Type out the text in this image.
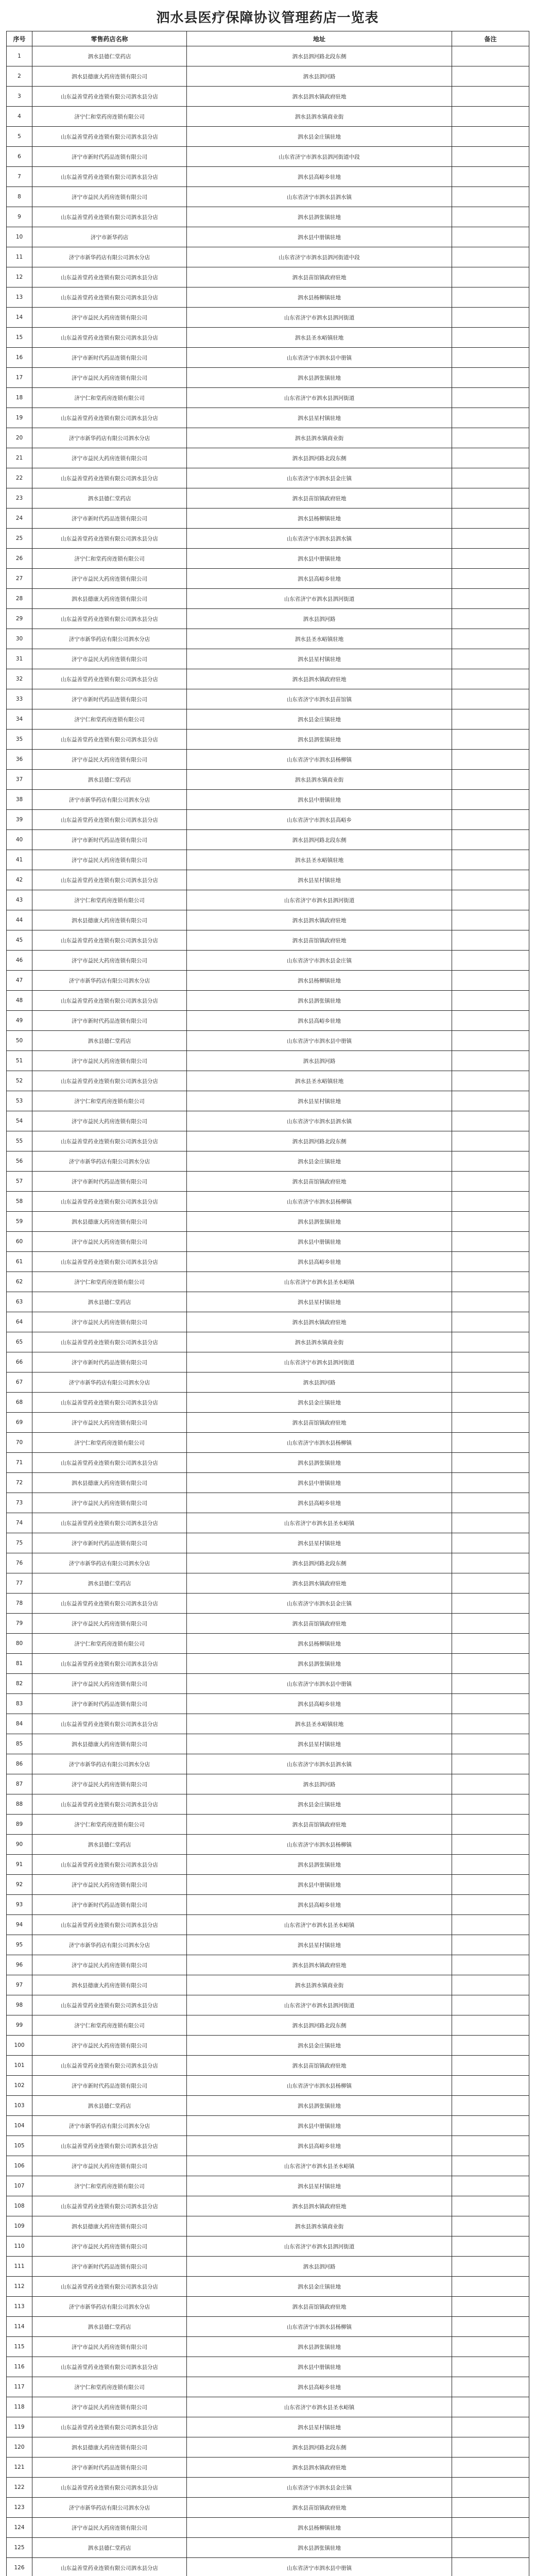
泗水县医疗保障协议管理药店一览表
序号	零售药店名称	地址	备注
1	泗水县德仁堂药店	泗水县泗河路北段东侧	
2	泗水县德康大药房连锁有限公司	泗水县泗河路	
3	山东益善堂药业连锁有限公司泗水县分店	泗水县泗水镇政府驻地	
4	济宁仁和堂药房连锁有限公司	泗水县泗水镇商业街	
5	山东益善堂药业连锁有限公司泗水县分店	泗水县金庄镇驻地	
6	济宁市新时代药品连锁有限公司	山东省济宁市泗水县泗河街道中段	
7	山东益善堂药业连锁有限公司泗水县分店	泗水县高峪乡驻地	
8	济宁市益民大药房连锁有限公司	山东省济宁市泗水县泗水镇	
9	山东益善堂药业连锁有限公司泗水县分店	泗水县泗张镇驻地	
10	济宁市新华药店	泗水县中册镇驻地	
11	济宁市新华药店有限公司泗水分店	山东省济宁市泗水县泗河街道中段	
12	山东益善堂药业连锁有限公司泗水县分店	泗水县苗馆镇政府驻地	
13	山东益善堂药业连锁有限公司泗水县分店	泗水县杨柳镇驻地	
14	济宁市益民大药房连锁有限公司	山东省济宁市泗水县泗河街道	
15	山东益善堂药业连锁有限公司泗水县分店	泗水县圣水峪镇驻地	
16	济宁市新时代药品连锁有限公司	山东省济宁市泗水县中册镇	
17	济宁市益民大药房连锁有限公司	泗水县泗张镇驻地	
18	济宁仁和堂药房连锁有限公司	山东省济宁市泗水县泗河街道	
19	山东益善堂药业连锁有限公司泗水县分店	泗水县星村镇驻地	
20	济宁市新华药店有限公司泗水分店	泗水县泗水镇商业街	
21	济宁市益民大药房连锁有限公司	泗水县泗河路北段东侧	
22	山东益善堂药业连锁有限公司泗水县分店	山东省济宁市泗水县金庄镇	
23	泗水县德仁堂药店	泗水县苗馆镇政府驻地	
24	济宁市新时代药品连锁有限公司	泗水县杨柳镇驻地	
25	山东益善堂药业连锁有限公司泗水县分店	山东省济宁市泗水县泗水镇	
26	济宁仁和堂药房连锁有限公司	泗水县中册镇驻地	
27	济宁市益民大药房连锁有限公司	泗水县高峪乡驻地	
28	泗水县德康大药房连锁有限公司	山东省济宁市泗水县泗河街道	
29	山东益善堂药业连锁有限公司泗水县分店	泗水县泗河路	
30	济宁市新华药店有限公司泗水分店	泗水县圣水峪镇驻地	
31	济宁市益民大药房连锁有限公司	泗水县星村镇驻地	
32	山东益善堂药业连锁有限公司泗水县分店	泗水县泗水镇政府驻地	
33	济宁市新时代药品连锁有限公司	山东省济宁市泗水县苗馆镇	
34	济宁仁和堂药房连锁有限公司	泗水县金庄镇驻地	
35	山东益善堂药业连锁有限公司泗水县分店	泗水县泗张镇驻地	
36	济宁市益民大药房连锁有限公司	山东省济宁市泗水县杨柳镇	
37	泗水县德仁堂药店	泗水县泗水镇商业街	
38	济宁市新华药店有限公司泗水分店	泗水县中册镇驻地	
39	山东益善堂药业连锁有限公司泗水县分店	山东省济宁市泗水县高峪乡	
40	济宁市新时代药品连锁有限公司	泗水县泗河路北段东侧	
41	济宁市益民大药房连锁有限公司	泗水县圣水峪镇驻地	
42	山东益善堂药业连锁有限公司泗水县分店	泗水县星村镇驻地	
43	济宁仁和堂药房连锁有限公司	山东省济宁市泗水县泗河街道	
44	泗水县德康大药房连锁有限公司	泗水县泗水镇政府驻地	
45	山东益善堂药业连锁有限公司泗水县分店	泗水县苗馆镇政府驻地	
46	济宁市益民大药房连锁有限公司	山东省济宁市泗水县金庄镇	
47	济宁市新华药店有限公司泗水分店	泗水县杨柳镇驻地	
48	山东益善堂药业连锁有限公司泗水县分店	泗水县泗张镇驻地	
49	济宁市新时代药品连锁有限公司	泗水县高峪乡驻地	
50	泗水县德仁堂药店	山东省济宁市泗水县中册镇	
51	济宁市益民大药房连锁有限公司	泗水县泗河路	
52	山东益善堂药业连锁有限公司泗水县分店	泗水县圣水峪镇驻地	
53	济宁仁和堂药房连锁有限公司	泗水县星村镇驻地	
54	济宁市益民大药房连锁有限公司	山东省济宁市泗水县泗水镇	
55	山东益善堂药业连锁有限公司泗水县分店	泗水县泗河路北段东侧	
56	济宁市新华药店有限公司泗水分店	泗水县金庄镇驻地	
57	济宁市新时代药品连锁有限公司	泗水县苗馆镇政府驻地	
58	山东益善堂药业连锁有限公司泗水县分店	山东省济宁市泗水县杨柳镇	
59	泗水县德康大药房连锁有限公司	泗水县泗张镇驻地	
60	济宁市益民大药房连锁有限公司	泗水县中册镇驻地	
61	山东益善堂药业连锁有限公司泗水县分店	泗水县高峪乡驻地	
62	济宁仁和堂药房连锁有限公司	山东省济宁市泗水县圣水峪镇	
63	泗水县德仁堂药店	泗水县星村镇驻地	
64	济宁市益民大药房连锁有限公司	泗水县泗水镇政府驻地	
65	山东益善堂药业连锁有限公司泗水县分店	泗水县泗水镇商业街	
66	济宁市新时代药品连锁有限公司	山东省济宁市泗水县泗河街道	
67	济宁市新华药店有限公司泗水分店	泗水县泗河路	
68	山东益善堂药业连锁有限公司泗水县分店	泗水县金庄镇驻地	
69	济宁市益民大药房连锁有限公司	泗水县苗馆镇政府驻地	
70	济宁仁和堂药房连锁有限公司	山东省济宁市泗水县杨柳镇	
71	山东益善堂药业连锁有限公司泗水县分店	泗水县泗张镇驻地	
72	泗水县德康大药房连锁有限公司	泗水县中册镇驻地	
73	济宁市益民大药房连锁有限公司	泗水县高峪乡驻地	
74	山东益善堂药业连锁有限公司泗水县分店	山东省济宁市泗水县圣水峪镇	
75	济宁市新时代药品连锁有限公司	泗水县星村镇驻地	
76	济宁市新华药店有限公司泗水分店	泗水县泗河路北段东侧	
77	泗水县德仁堂药店	泗水县泗水镇政府驻地	
78	山东益善堂药业连锁有限公司泗水县分店	山东省济宁市泗水县金庄镇	
79	济宁市益民大药房连锁有限公司	泗水县苗馆镇政府驻地	
80	济宁仁和堂药房连锁有限公司	泗水县杨柳镇驻地	
81	山东益善堂药业连锁有限公司泗水县分店	泗水县泗张镇驻地	
82	济宁市益民大药房连锁有限公司	山东省济宁市泗水县中册镇	
83	济宁市新时代药品连锁有限公司	泗水县高峪乡驻地	
84	山东益善堂药业连锁有限公司泗水县分店	泗水县圣水峪镇驻地	
85	泗水县德康大药房连锁有限公司	泗水县星村镇驻地	
86	济宁市新华药店有限公司泗水分店	山东省济宁市泗水县泗水镇	
87	济宁市益民大药房连锁有限公司	泗水县泗河路	
88	山东益善堂药业连锁有限公司泗水县分店	泗水县金庄镇驻地	
89	济宁仁和堂药房连锁有限公司	泗水县苗馆镇政府驻地	
90	泗水县德仁堂药店	山东省济宁市泗水县杨柳镇	
91	山东益善堂药业连锁有限公司泗水县分店	泗水县泗张镇驻地	
92	济宁市益民大药房连锁有限公司	泗水县中册镇驻地	
93	济宁市新时代药品连锁有限公司	泗水县高峪乡驻地	
94	山东益善堂药业连锁有限公司泗水县分店	山东省济宁市泗水县圣水峪镇	
95	济宁市新华药店有限公司泗水分店	泗水县星村镇驻地	
96	济宁市益民大药房连锁有限公司	泗水县泗水镇政府驻地	
97	泗水县德康大药房连锁有限公司	泗水县泗水镇商业街	
98	山东益善堂药业连锁有限公司泗水县分店	山东省济宁市泗水县泗河街道	
99	济宁仁和堂药房连锁有限公司	泗水县泗河路北段东侧	
100	济宁市益民大药房连锁有限公司	泗水县金庄镇驻地	
101	山东益善堂药业连锁有限公司泗水县分店	泗水县苗馆镇政府驻地	
102	济宁市新时代药品连锁有限公司	山东省济宁市泗水县杨柳镇	
103	泗水县德仁堂药店	泗水县泗张镇驻地	
104	济宁市新华药店有限公司泗水分店	泗水县中册镇驻地	
105	山东益善堂药业连锁有限公司泗水县分店	泗水县高峪乡驻地	
106	济宁市益民大药房连锁有限公司	山东省济宁市泗水县圣水峪镇	
107	济宁仁和堂药房连锁有限公司	泗水县星村镇驻地	
108	山东益善堂药业连锁有限公司泗水县分店	泗水县泗水镇政府驻地	
109	泗水县德康大药房连锁有限公司	泗水县泗水镇商业街	
110	济宁市益民大药房连锁有限公司	山东省济宁市泗水县泗河街道	
111	济宁市新时代药品连锁有限公司	泗水县泗河路	
112	山东益善堂药业连锁有限公司泗水县分店	泗水县金庄镇驻地	
113	济宁市新华药店有限公司泗水分店	泗水县苗馆镇政府驻地	
114	泗水县德仁堂药店	山东省济宁市泗水县杨柳镇	
115	济宁市益民大药房连锁有限公司	泗水县泗张镇驻地	
116	山东益善堂药业连锁有限公司泗水县分店	泗水县中册镇驻地	
117	济宁仁和堂药房连锁有限公司	泗水县高峪乡驻地	
118	济宁市益民大药房连锁有限公司	山东省济宁市泗水县圣水峪镇	
119	山东益善堂药业连锁有限公司泗水县分店	泗水县星村镇驻地	
120	泗水县德康大药房连锁有限公司	泗水县泗河路北段东侧	
121	济宁市新时代药品连锁有限公司	泗水县泗水镇政府驻地	
122	山东益善堂药业连锁有限公司泗水县分店	山东省济宁市泗水县金庄镇	
123	济宁市新华药店有限公司泗水分店	泗水县苗馆镇政府驻地	
124	济宁市益民大药房连锁有限公司	泗水县杨柳镇驻地	
125	泗水县德仁堂药店	泗水县泗张镇驻地	
126	山东益善堂药业连锁有限公司泗水县分店	山东省济宁市泗水县中册镇	
